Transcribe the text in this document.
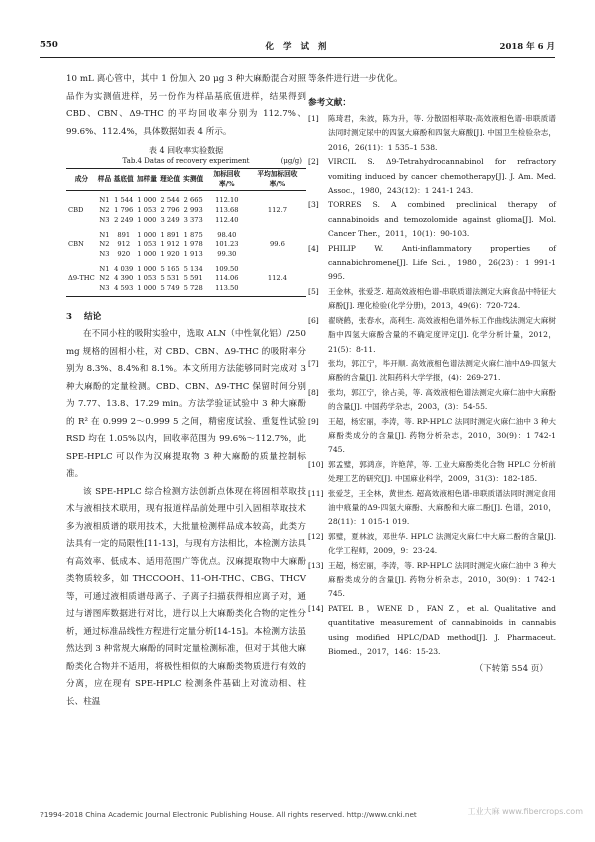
550	化 学 试 剂	2018 年 6 月

10 mL 离心管中，其中 1 份加入 20 μg 3 种大麻酚混合对照品作为实测值进样，另一份作为样品基底值进样，结果得到 CBD、CBN、Δ9-THC 的平均回收率分别为 112.7%、99.6%、112.4%，具体数据如表 4 所示。

表 4 回收率实验数据
Tab.4 Datas of recovery experiment	(μg/g)
成分	样品	基底值	加样量	理论值	实测值	加标回收率/%	平均加标回收率/%
	N1	1 544	1 000	2 544	2 665	112.10	
CBD	N2	1 796	1 053	2 796	2 993	113.68	112.7
	N3	2 249	1 000	3 249	3 373	112.40	
	N1	891	1 000	1 891	1 875	98.40	
CBN	N2	912	1 053	1 912	1 978	101.23	99.6
	N3	920	1 000	1 920	1 913	99.30	
	N1	4 039	1 000	5 165	5 134	109.50	
Δ9-THC	N2	4 390	1 053	5 531	5 591	114.06	112.4
	N3	4 593	1 000	5 749	5 728	113.50	
3 结论

在不同小柱的吸附实验中，选取 ALN（中性氧化铝）/250 mg 规格的固相小柱，对 CBD、CBN、Δ9-THC 的吸附率分别为 8.3%、8.4%和 8.1%。本文所用方法能够同时完成对 3 种大麻酚的定量检测。CBD、CBN、Δ9-THC 保留时间分别为 7.77、13.8、17.29 min。方法学验证试验中 3 种大麻酚的 R² 在 0.999 2～0.999 5 之间，精密度试验、重复性试验 RSD 均在 1.05%以内，回收率范围为 99.6%～112.7%，此 SPE-HPLC 可以作为汉麻提取物 3 种大麻酚的质量控制标准。

该 SPE-HPLC 综合检测方法创新点体现在将固相萃取技术与液相技术联用，现有报道样品前处理中引入固相萃取技术多为液相质谱的联用技术，大批量检测样品成本较高，此类方法具有一定的局限性[11-13]，与现有方法相比，本检测方法具有高效率、低成本、适用范围广等优点。汉麻提取物中大麻酚类物质较多，如 THCCOOH、11-OH-THC、CBG、THCV 等，可通过液相质谱母离子、子离子扫描获得相应离子对，通过与谱图库数据进行对比，进行以上大麻酚类化合物的定性分析，通过标准品线性方程进行定量分析[14-15]。本检测方法虽然达到 3 种常规大麻酚的同时定量检测标准，但对于其他大麻酚类化合物并不适用，将极性相似的大麻酚类物质进行有效的分离，应在现有 SPE-HPLC 检测条件基础上对流动相、柱长、柱温

等条件进行进一步优化。

参考文献：
[1]	陈琦君，朱波，陈为升，等. 分散固相萃取-高效液相色谱-串联质谱法同时测定尿中的四氢大麻酚和四氢大麻酸[J]. 中国卫生检验杂志，2016，26(11)：1 535–1 538.
[2]	VIRCIL S. Δ9-Tetrahydrocannabinol for refractory vomiting induced by cancer chemotherapy[J]. J. Am. Med. Assoc.，1980，243(12)：1 241-1 243.
[3]	TORRES S. A combined preclinical therapy of cannabinoids and temozolomide against glioma[J]. Mol. Cancer Ther.，2011，10(1)：90-103.
[4]	PHILIP W. Anti-inflammatory properties of cannabichromene[J]. Life Sci.，1980，26(23)：1 991-1 995.
[5]	王金林，张爱芝. 超高效液相色谱-串联质谱法测定大麻食品中特征大麻酚[J]. 理化检验(化学分册)，2013，49(6)：720-724.
[6]	翟晓鹤，张春水，高利生. 高效液相色谱外标工作曲线法测定大麻树脂中四氢大麻酚含量的不确定度评定[J]. 化学分析计量，2012，21(5)：8-11.
[7]	张均，郭江宁，毕开顺. 高效液相色谱法测定火麻仁油中Δ9-四氢大麻酚的含量[J]. 沈阳药科大学学报，(4)：269-271.
[8]	张均，郭江宁，徐占美，等. 高效液相色谱法测定火麻仁油中大麻酚的含量[J]. 中国药学杂志，2003，(3)：54-55.
[9]	王超，杨宏丽，李涛，等. RP-HPLC 法同时测定火麻仁油中 3 种大麻酚类成分的含量[J]. 药物分析杂志，2010，30(9)：1 742-1 745.
[10] 郭孟璧，郭鸿彦，许艳萍，等. 工业大麻酚类化合物 HPLC 分析前处理工艺的研究[J]. 中国麻业科学，2009，31(3)：182-185.
[11] 张爱芝，王全林，黄世杰. 超高效液相色谱-串联质谱法同时测定食用油中痕量的Δ9-四氢大麻酚、大麻酚和大麻二酚[J]. 色谱，2010，28(11)：1 015-1 019.
[12] 郭璧，夏林波，邓世华. HPLC 法测定火麻仁中大麻二酚的含量[J]. 化学工程师，2009，9：23-24.
[13] 王超，杨宏丽，李涛，等. RP-HPLC 法同时测定火麻仁油中 3 种大麻酚类成分的含量[J]. 药物分析杂志，2010，30(9)：1 742-1 745.
[14] PATEL B，WENE D，FAN Z，et al. Qualitative and quantitative measurement of cannabinoids in cannabis using modified HPLC/DAD method[J]. J. Pharmaceut. Biomed.，2017，146：15-23.
（下转第 554 页）
?1994-2018 China Academic Journal Electronic Publishing House. All rights reserved. http://www.cnki.net	工业大麻 www.fibercrops.com
